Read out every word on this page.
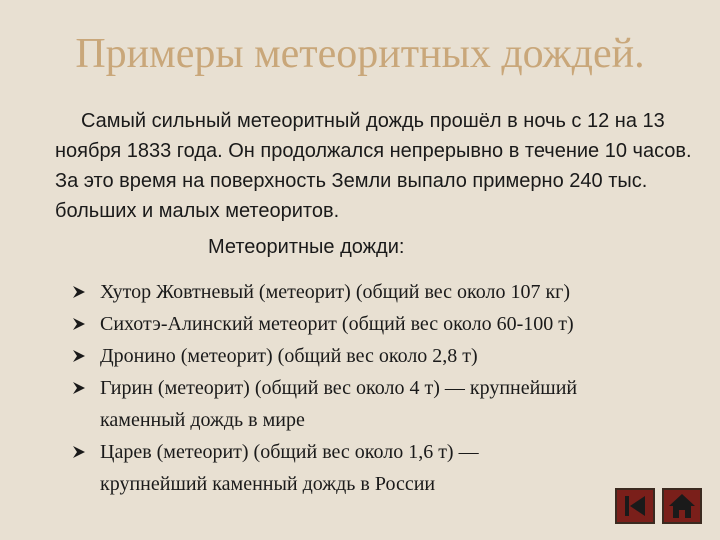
Примеры метеоритных дождей.
Самый сильный метеоритный дождь прошёл в ночь с 12 на 13 ноября 1833 года. Он продолжался непрерывно в течение 10 часов. За это время на поверхность Земли выпало примерно 240 тыс. больших и малых метеоритов.
Метеоритные дожди:
Хутор Жовтневый (метеорит) (общий вес около 107 кг)
Сихотэ-Алинский метеорит (общий вес около 60-100 т)
Дронино (метеорит) (общий вес около 2,8 т)
Гирин (метеорит) (общий вес около 4 т) — крупнейший
каменный дождь в мире
Царев (метеорит) (общий вес около 1,6 т) —
крупнейший каменный дождь в России
